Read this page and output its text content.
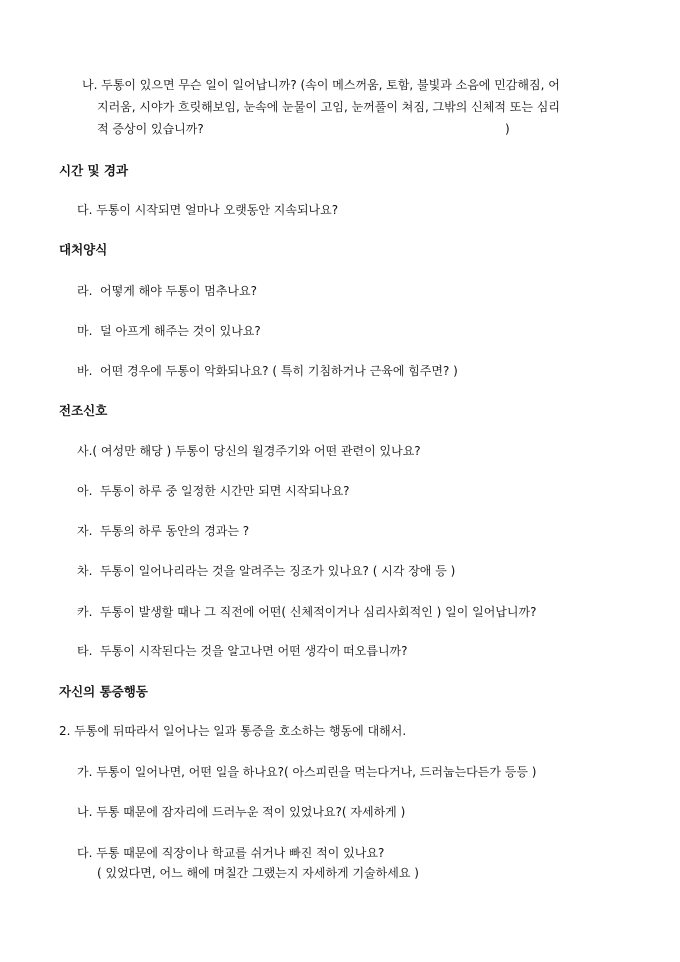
나. 두통이 있으면 무슨 일이 일어납니까? (속이 메스꺼움, 토함, 불빛과 소음에 민감해짐, 어
지러움, 시야가 흐릿해보임, 눈속에 눈물이 고임, 눈꺼풀이 쳐짐, 그밖의 신체적 또는 심리
적 증상이 있습니까?	)
시간 및 경과
다. 두통이 시작되면 얼마나 오랫동안 지속되나요?
대처양식
라.  어떻게 해야 두통이 멈추나요?
마.  덜 아프게 해주는 것이 있나요?
바.  어떤 경우에 두통이 악화되나요? ( 특히 기침하거나 근육에 힘주면? )
전조신호
사.( 여성만 해당 ) 두통이 당신의 월경주기와 어떤 관련이 있나요?
아.  두통이 하루 중 일정한 시간만 되면 시작되나요?
자.  두통의 하루 동안의 경과는 ?
차.  두통이 일어나리라는 것을 알려주는 징조가 있나요? ( 시각 장애 등 )
카.  두통이 발생할 때나 그 직전에 어떤( 신체적이거나 심리사회적인 ) 일이 일어납니까?
타.  두통이 시작된다는 것을 알고나면 어떤 생각이 떠오릅니까?
자신의 통증행동
2. 두통에 뒤따라서 일어나는 일과 통증을 호소하는 행동에 대해서.
가. 두통이 일어나면, 어떤 일을 하나요?( 아스피린을 먹는다거나, 드러눕는다든가 등등 )
나. 두통 때문에 잠자리에 드러누운 적이 있었나요?( 자세하게 )
다. 두통 때문에 직장이나 학교를 쉬거나 빠진 적이 있나요?
( 있었다면, 어느 해에 며칠간 그랬는지 자세하게 기술하세요 )
